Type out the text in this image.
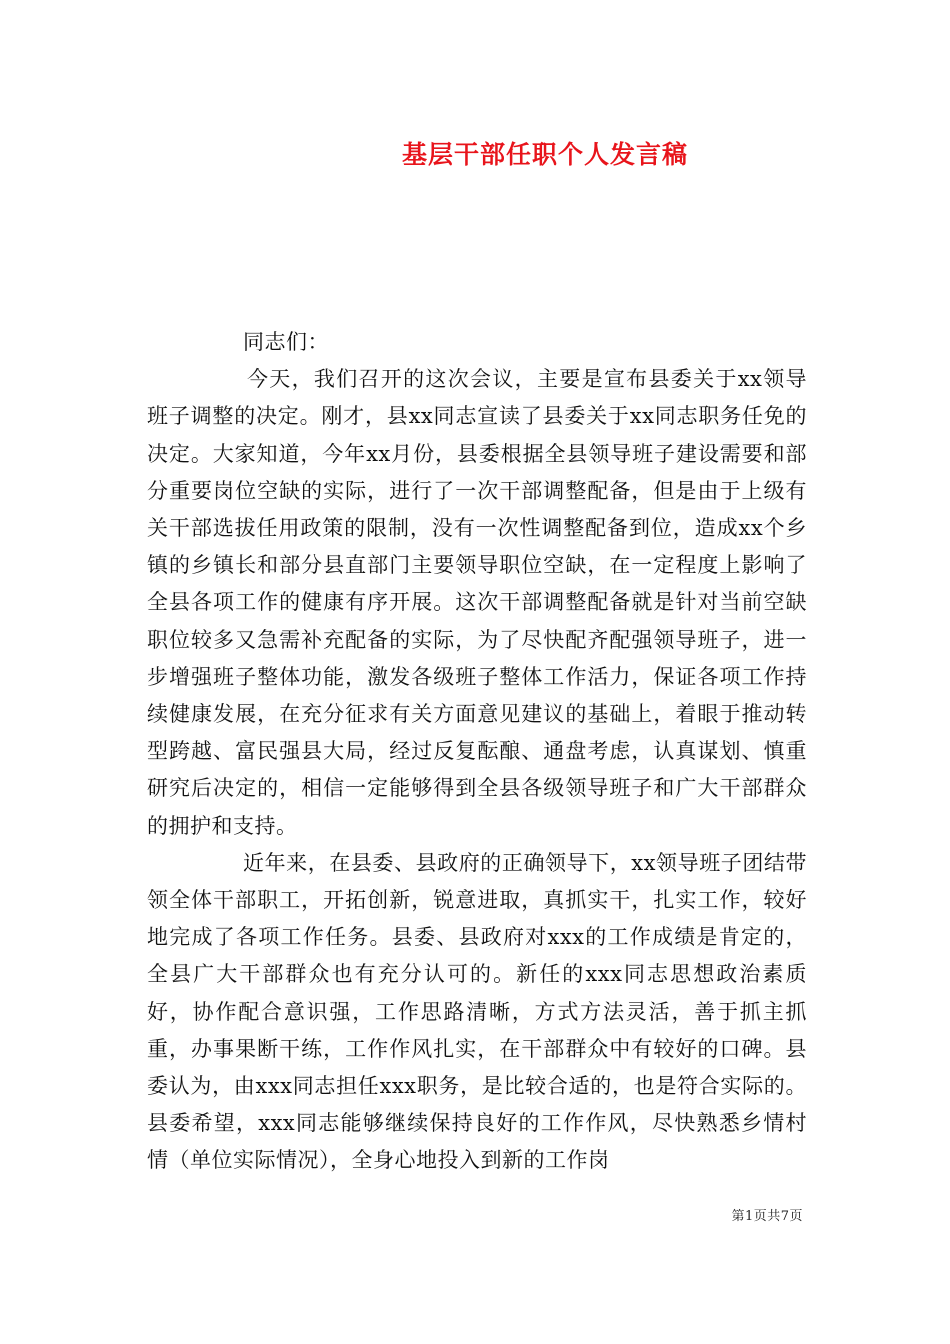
基层干部任职个人发言稿

同志们：

今天，我们召开的这次会议，主要是宣布县委关于xx领导班子调整的决定。刚才，县xx同志宣读了县委关于xx同志职务任免的决定。大家知道，今年xx月份，县委根据全县领导班子建设需要和部分重要岗位空缺的实际，进行了一次干部调整配备，但是由于上级有关干部选拔任用政策的限制，没有一次性调整配备到位，造成xx个乡镇的乡镇长和部分县直部门主要领导职位空缺，在一定程度上影响了全县各项工作的健康有序开展。这次干部调整配备就是针对当前空缺职位较多又急需补充配备的实际，为了尽快配齐配强领导班子，进一步增强班子整体功能，激发各级班子整体工作活力，保证各项工作持续健康发展，在充分征求有关方面意见建议的基础上，着眼于推动转型跨越、富民强县大局，经过反复酝酿、通盘考虑，认真谋划、慎重研究后决定的，相信一定能够得到全县各级领导班子和广大干部群众的拥护和支持。

近年来，在县委、县政府的正确领导下，xx领导班子团结带领全体干部职工，开拓创新，锐意进取，真抓实干，扎实工作，较好地完成了各项工作任务。县委、县政府对xxx的工作成绩是肯定的，全县广大干部群众也有充分认可的。新任的xxx同志思想政治素质好，协作配合意识强，工作思路清晰，方式方法灵活，善于抓主抓重，办事果断干练，工作作风扎实，在干部群众中有较好的口碑。县委认为，由xxx同志担任xxx职务，是比较合适的，也是符合实际的。县委希望，xxx同志能够继续保持良好的工作作风，尽快熟悉乡情村情（单位实际情况），全身心地投入到新的工作岗

第1页共7页
